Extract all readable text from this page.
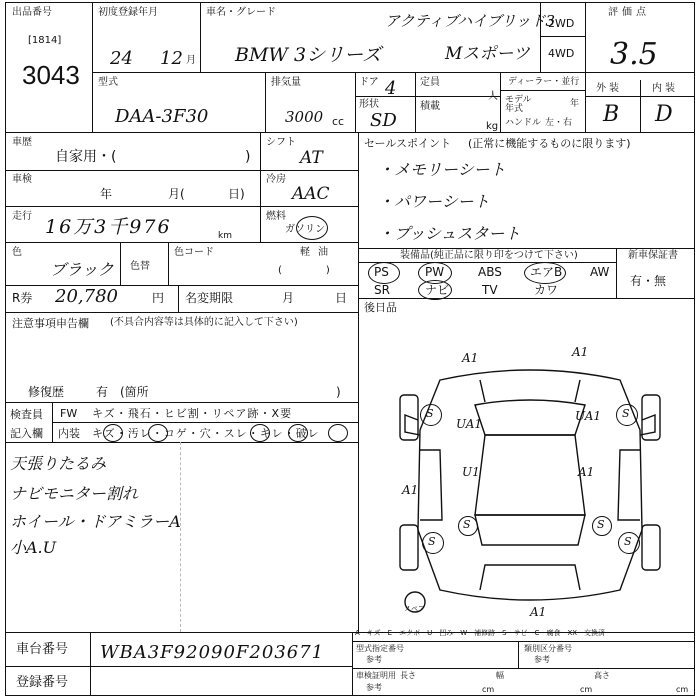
出品番号
[1814]
3043
初度登録年月
24 12 月
車名・グレード	アクティブハイブリッド3
BMW 3シリーズ	Mスポーツ
2WD
4WD
評価点
3.5
型式
DAA-3F30
排気量
3000 cc
ドア 4
形状
SD
定員
人
積載
kg
ディーラー・並行
モデル年式	年
ハンドル 左・右
外装	内装
B D
車歴
自家用・(	)
シフト
AT
車検
年	月(	日)
冷房
AAC
走行 16万3千976	km
燃料
ガソリン
軽油
(　　)
色
ブラック 色替
色コード
R券 20,780	円 名変期限	月	日
注意事項申告欄 (不具合内容等は具体的に記入して下さい)
修復歴	有 (箇所	)
検査員
記入欄
FW キズ・飛石・ヒビ割・リペア跡・X要
内装 キズ・汚レ・コゲ・穴・スレ・キレ・破レ
天張りたるみ
ナビモニター割れ
ホイール・ドアミラーA
小A.U
セールスポイント (正常に機能するものに限ります)
・メモリーシート
・パワーシート
・プッシュスタート
装備品(純正品に限り印をつけて下さい)	新車保証書
有・無
PS	PW	ABS エアB AW
SR	ナビ	TV	カワ
後日品
A1	A1
UA1
UA1
U1	A1
A1
A1
S	S
S	S
S	S
スペア
A－キズ　E－エクボ　U－凹み　W－補修跡　S－サビ　C－腐食　XX－交換済
車台番号 WBA3F92090F203671
登録番号
型式指定番号
参考
類別区分番号
参考
車検証明用
参考
長さ
cm
幅
cm
高さ
cm
